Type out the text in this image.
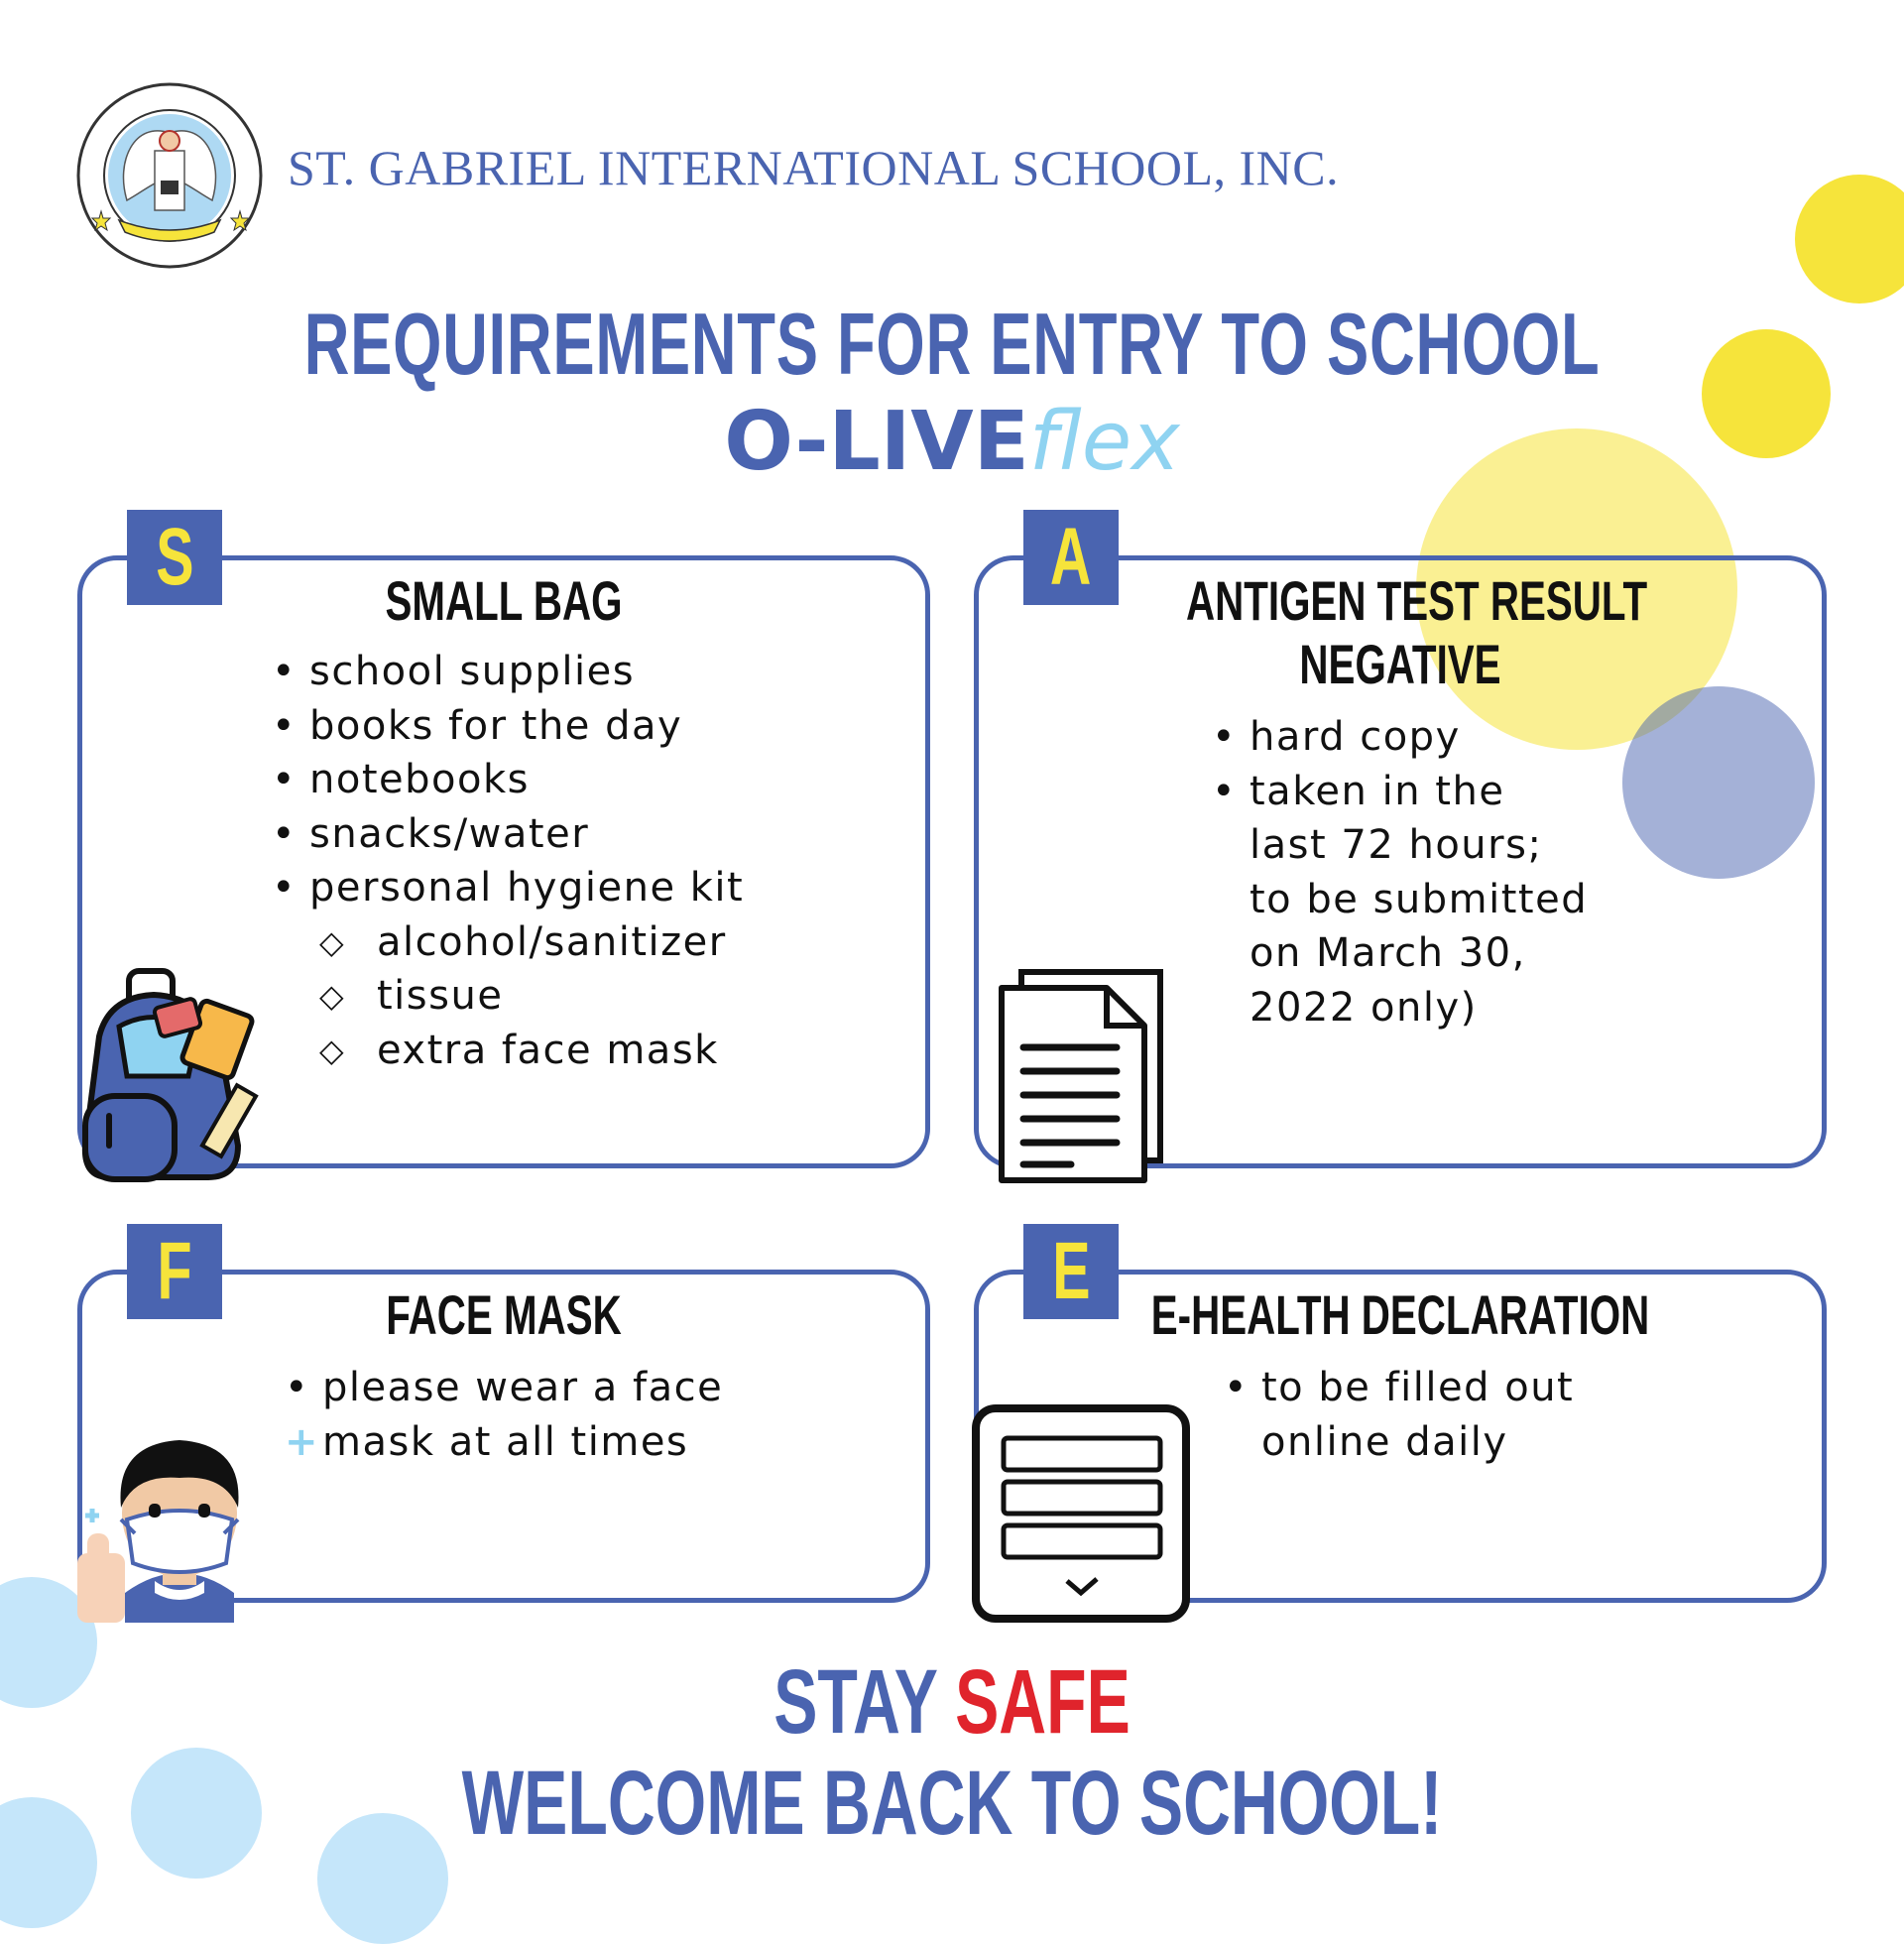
ST. GABRIEL INTERNATIONAL SCHOOL, INC.
REQUIREMENTS FOR ENTRY TO SCHOOL
O-LIVEflex
S	SMALL BAG
• school supplies
• books for the day
• notebooks
• snacks/water
• personal hygiene kit
◇ alcohol/sanitizer
◇ tissue
◇ extra face mask
A	ANTIGEN TEST RESULT
NEGATIVE
• hard copy
• taken in the
last 72 hours;
to be submitted
on March 30,
2022 only)
F	FACE MASK
• please wear a face
+ mask at all times
E	E-HEALTH DECLARATION
• to be filled out
online daily
STAY SAFE
WELCOME BACK TO SCHOOL!
